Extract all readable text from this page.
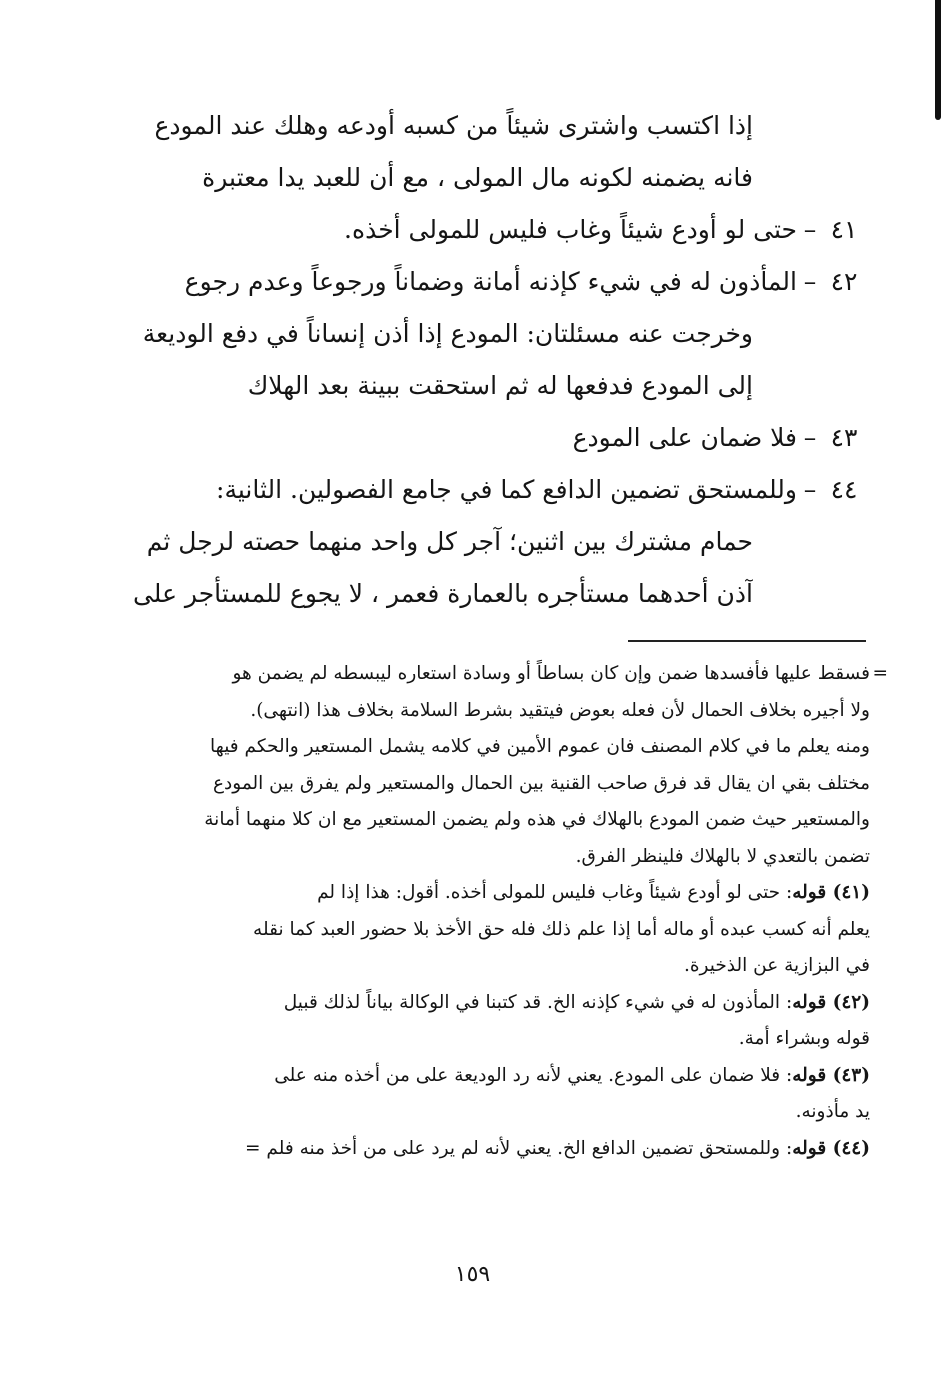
إذا اكتسب واشترى شيئاً من كسبه أودعه وهلك عند المودع
فانه يضمنه لكونه مال المولى ، مع أن للعبد يدا معتبرة
٤١
–
حتى لو أودع شيئاً وغاب فليس للمولى أخذه.
٤٢
–
المأذون له في شيء كإذنه أمانة وضماناً ورجوعاً وعدم رجوع
وخرجت عنه مسئلتان: المودع إذا أذن إنساناً في دفع الوديعة
إلى المودع فدفعها له ثم استحقت ببينة بعد الهلاك
٤٣
–
فلا ضمان على المودع
٤٤
–
وللمستحق تضمين الدافع كما في جامع الفصولين. الثانية:
حمام مشترك بين اثنين؛ آجر كل واحد منهما حصته لرجل ثم
آذن أحدهما مستأجره بالعمارة فعمر ، لا يجوع للمستأجر على
=
فسقط عليها فأفسدها ضمن وإن كان بساطاً أو وسادة استعاره ليبسطه لم يضمن هو
ولا أجيره بخلاف الحمال لأن فعله بعوض فيتقيد بشرط السلامة بخلاف هذا (انتهى).
ومنه يعلم ما في كلام المصنف فان عموم الأمين في كلامه يشمل المستعير والحكم فيها
مختلف بقي ان يقال قد فرق صاحب القنية بين الحمال والمستعير ولم يفرق بين المودع
والمستعير حيث ضمن المودع بالهلاك في هذه ولم يضمن المستعير مع ان كلا منهما أمانة
تضمن بالتعدي لا بالهلاك فلينظر الفرق.
(٤١) قوله: حتى لو أودع شيئاً وغاب فليس للمولى أخذه. أقول: هذا إذا لم
يعلم أنه كسب عبده أو ماله أما إذا علم ذلك فله حق الأخذ بلا حضور العبد كما نقله
في البزازية عن الذخيرة.
(٤٢) قوله: المأذون له في شيء كإذنه الخ. قد كتبنا في الوكالة بياناً لذلك قبيل
قوله وبشراء أمة.
(٤٣) قوله: فلا ضمان على المودع. يعني لأنه رد الوديعة على من أخذه منه على
يد مأذونه.
(٤٤) قوله: وللمستحق تضمين الدافع الخ. يعني لأنه لم يرد على من أخذ منه فلم =
١٥٩
